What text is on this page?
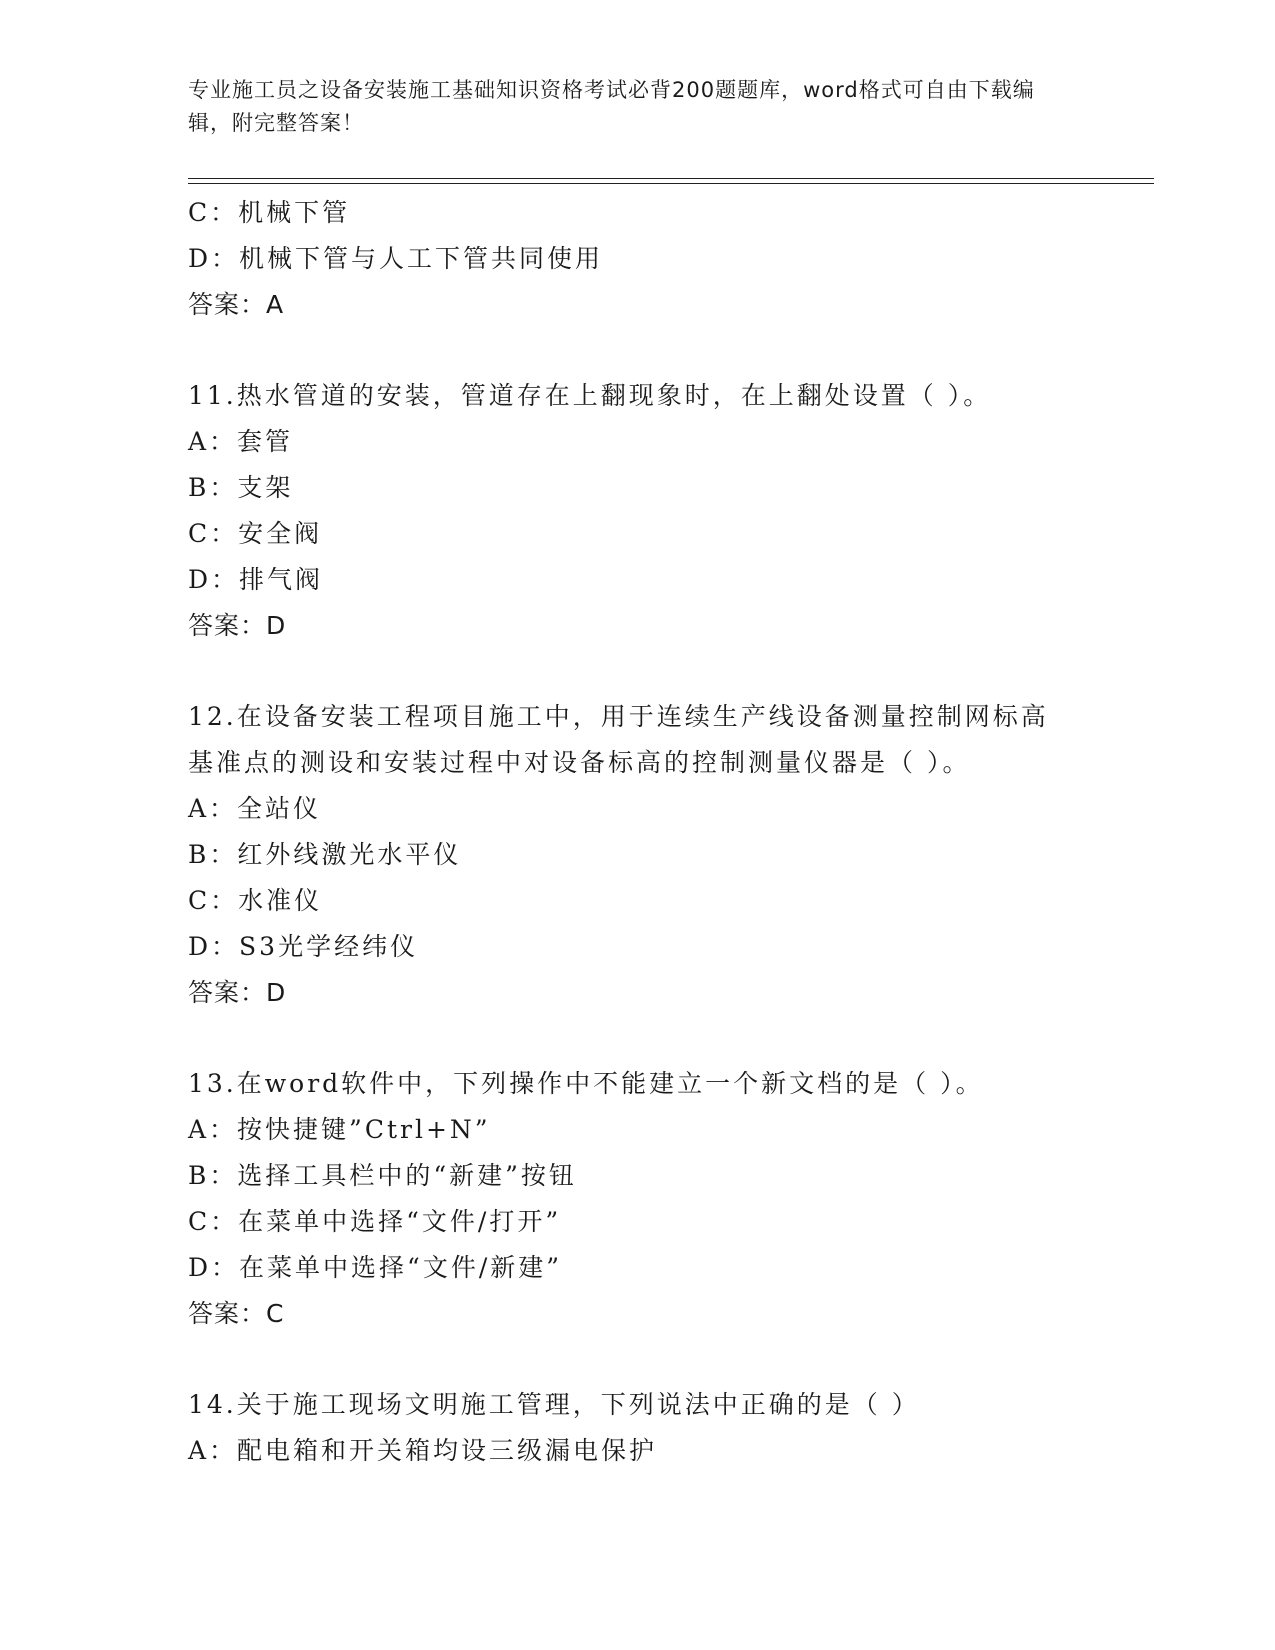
专业施工员之设备安装施工基础知识资格考试必背200题题库，word格式可自由下载编辑，附完整答案！
C：机械下管
D：机械下管与人工下管共同使用
答案：A
11.热水管道的安装，管道存在上翻现象时，在上翻处设置（ ）。
A：套管
B：支架
C：安全阀
D：排气阀
答案：D
12.在设备安装工程项目施工中，用于连续生产线设备测量控制网标高
基准点的测设和安装过程中对设备标高的控制测量仪器是（ ）。
A：全站仪
B：红外线激光水平仪
C：水准仪
D：S3光学经纬仪
答案：D
13.在word软件中，下列操作中不能建立一个新文档的是（ ）。
A：按快捷键”Ctrl+N”
B：选择工具栏中的“新建”按钮
C：在菜单中选择“文件/打开”
D：在菜单中选择“文件/新建”
答案：C
14.关于施工现场文明施工管理，下列说法中正确的是（ ）
A：配电箱和开关箱均设三级漏电保护
